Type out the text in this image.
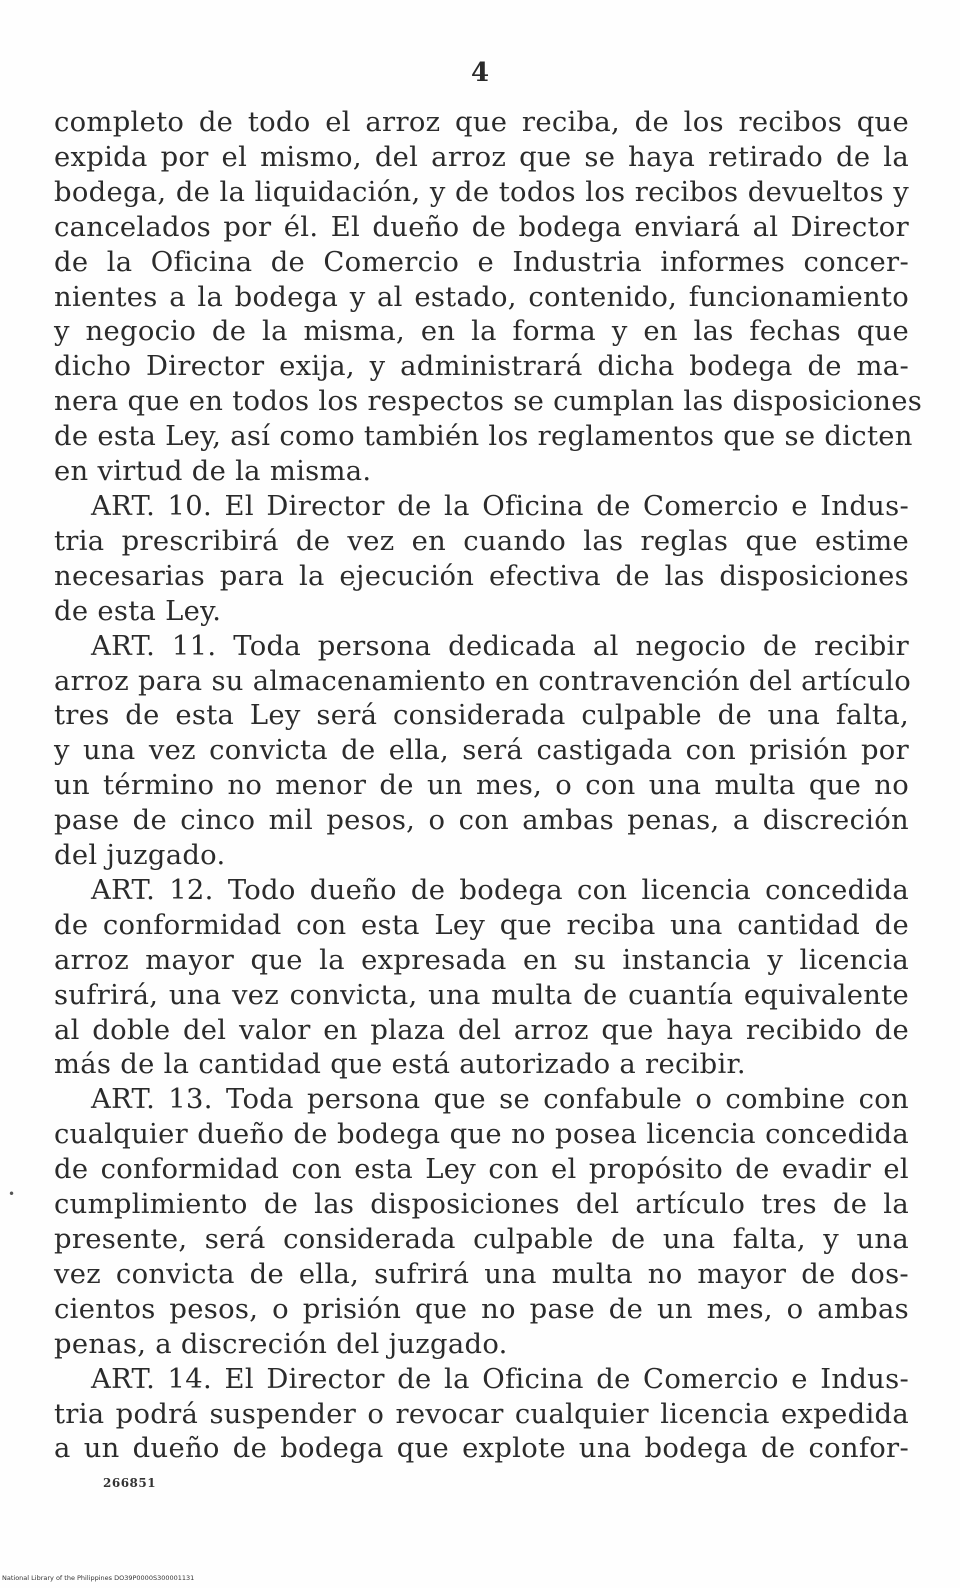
4
•
completo de todo el arroz que reciba, de los recibos que
expida por el mismo, del arroz que se haya retirado de la
bodega, de la liquidación, y de todos los recibos devueltos y
cancelados por él. El dueño de bodega enviará al Director
de la Oficina de Comercio e Industria informes concer-
nientes a la bodega y al estado, contenido, funcionamiento
y negocio de la misma, en la forma y en las fechas que
dicho Director exija, y administrará dicha bodega de ma-
nera que en todos los respectos se cumplan las disposiciones
de esta Ley, así como también los reglamentos que se dicten
en virtud de la misma.
ART. 10. El Director de la Oficina de Comercio e Indus-
tria prescribirá de vez en cuando las reglas que estime
necesarias para la ejecución efectiva de las disposiciones
de esta Ley.
ART. 11. Toda persona dedicada al negocio de recibir
arroz para su almacenamiento en contravención del artículo
tres de esta Ley será considerada culpable de una falta,
y una vez convicta de ella, será castigada con prisión por
un término no menor de un mes, o con una multa que no
pase de cinco mil pesos, o con ambas penas, a discreción
del juzgado.
ART. 12. Todo dueño de bodega con licencia concedida
de conformidad con esta Ley que reciba una cantidad de
arroz mayor que la expresada en su instancia y licencia
sufrirá, una vez convicta, una multa de cuantía equivalente
al doble del valor en plaza del arroz que haya recibido de
más de la cantidad que está autorizado a recibir.
ART. 13. Toda persona que se confabule o combine con
cualquier dueño de bodega que no posea licencia concedida
de conformidad con esta Ley con el propósito de evadir el
cumplimiento de las disposiciones del artículo tres de la
presente, será considerada culpable de una falta, y una
vez convicta de ella, sufrirá una multa no mayor de dos-
cientos pesos, o prisión que no pase de un mes, o ambas
penas, a discreción del juzgado.
ART. 14. El Director de la Oficina de Comercio e Indus-
tria podrá suspender o revocar cualquier licencia expedida
a un dueño de bodega que explote una bodega de confor-
266851
National Library of the Philippines DO39P0000S300001131
